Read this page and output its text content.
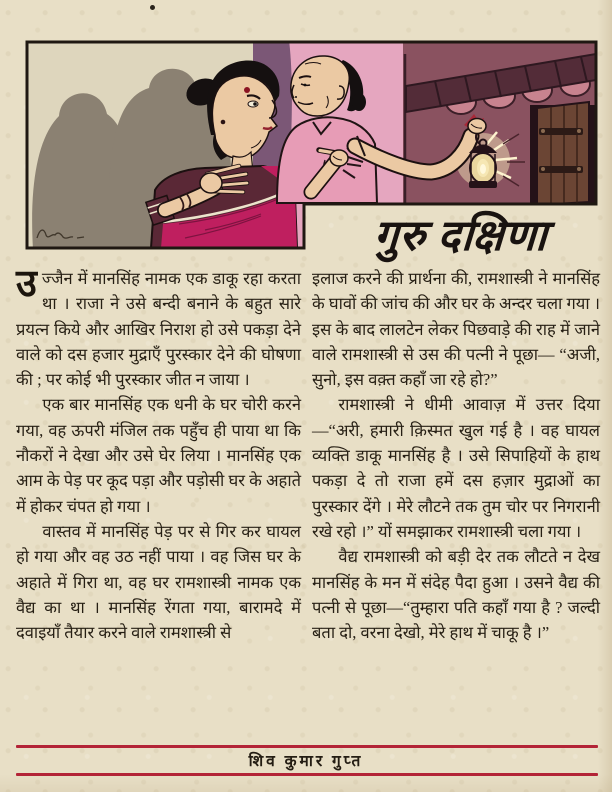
गुरु दक्षिणा

उज्जैन में मानसिंह नामक एक डाकू रहा करता था । राजा ने उसे बन्दी बनाने के बहुत सारे प्रयत्न किये और आखिर निराश हो उसे पकड़ा देने वाले को दस हजार मुद्राएँ पुरस्कार देने की घोषणा की ; पर कोई भी पुरस्कार जीत न जाया ।

एक बार मानसिंह एक धनी के घर चोरी करने गया, वह ऊपरी मंजिल तक पहुँच ही पाया था कि नौकरों ने देखा और उसे घेर लिया । मानसिंह एक आम के पेड़ पर कूद पड़ा और पड़ोसी घर के अहाते में होकर चंपत हो गया ।

वास्तव में मानसिंह पेड़ पर से गिर कर घायल हो गया और वह उठ नहीं पाया । वह जिस घर के अहाते में गिरा था, वह घर रामशास्त्री नामक एक वैद्य का था । मानसिंह रेंगता गया, बारामदे में दवाइयाँ तैयार करने वाले रामशास्त्री से

इलाज करने की प्रार्थना की, रामशास्त्री ने मानसिंह के घावों की जांच की और घर के अन्दर चला गया । इस के बाद लालटेन लेकर पिछवाड़े की राह में जाने वाले रामशास्त्री से उस की पत्नी ने पूछा— “अजी, सुनो, इस वक़्त कहाँ जा रहे हो?”

रामशास्त्री ने धीमी आवाज़ में उत्तर दिया—“अरी, हमारी क़िस्मत खुल गई है । वह घायल व्यक्ति डाकू मानसिंह है । उसे सिपाहियों के हाथ पकड़ा दे तो राजा हमें दस हज़ार मुद्राओं का पुरस्कार देंगे । मेरे लौटने तक तुम चोर पर निगरानी रखे रहो ।” यों समझाकर रामशास्त्री चला गया ।

वैद्य रामशास्त्री को बड़ी देर तक लौटते न देख मानसिंह के मन में संदेह पैदा हुआ । उसने वैद्य की पत्नी से पूछा—“तुम्हारा पति कहाँ गया है ? जल्दी बता दो, वरना देखो, मेरे हाथ में चाकू है ।”

शिव कुमार गुप्त
